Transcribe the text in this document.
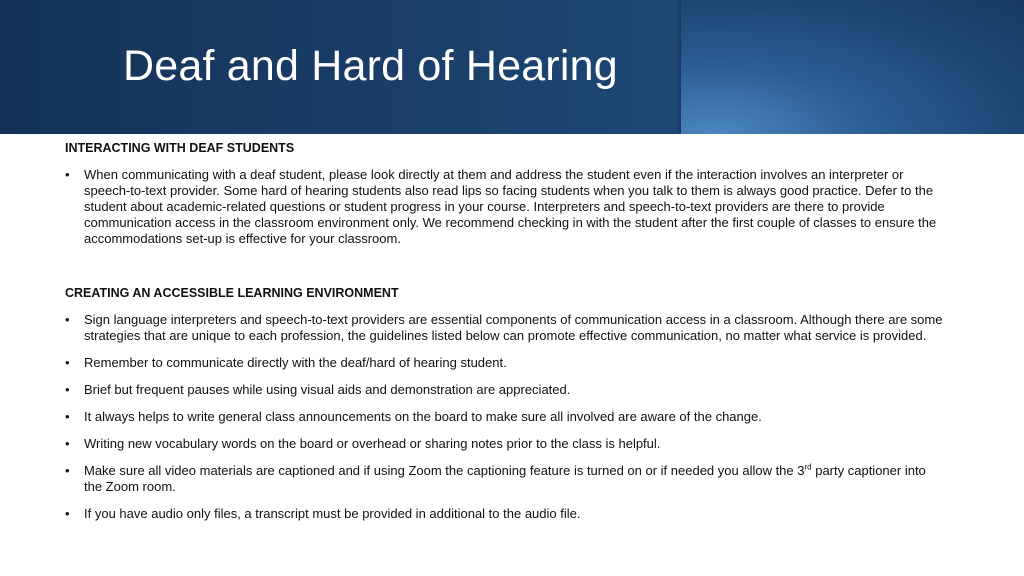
Deaf and Hard of Hearing

INTERACTING WITH DEAF STUDENTS

• When communicating with a deaf student, please look directly at them and address the student even if the interaction involves an interpreter or speech-to-text provider. Some hard of hearing students also read lips so facing students when you talk to them is always good practice. Defer to the student about academic-related questions or student progress in your course. Interpreters and speech-to-text providers are there to provide communication access in the classroom environment only. We recommend checking in with the student after the first couple of classes to ensure the accommodations set-up is effective for your classroom.

CREATING AN ACCESSIBLE LEARNING ENVIRONMENT

• Sign language interpreters and speech-to-text providers are essential components of communication access in a classroom. Although there are some strategies that are unique to each profession, the guidelines listed below can promote effective communication, no matter what service is provided.
• Remember to communicate directly with the deaf/hard of hearing student.
• Brief but frequent pauses while using visual aids and demonstration are appreciated.
• It always helps to write general class announcements on the board to make sure all involved are aware of the change.
• Writing new vocabulary words on the board or overhead or sharing notes prior to the class is helpful.
• Make sure all video materials are captioned and if using Zoom the captioning feature is turned on or if needed you allow the 3rd party captioner into the Zoom room.
• If you have audio only files, a transcript must be provided in additional to the audio file.
